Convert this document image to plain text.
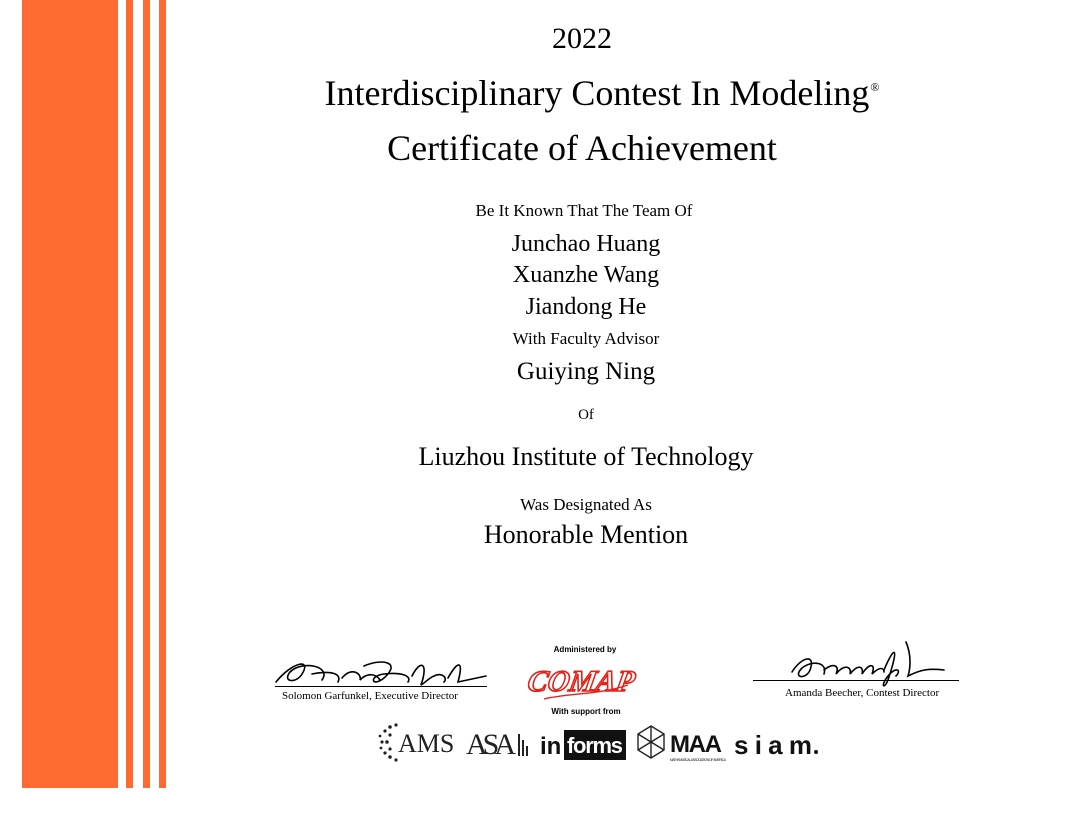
2022
Interdisciplinary Contest In Modeling®
Certificate of Achievement
Be It Known That The Team Of
Junchao Huang
Xuanzhe Wang
Jiandong He
With Faculty Advisor
Guiying Ning
Of
Liuzhou Institute of Technology
Was Designated As
Honorable Mention
Solomon Garfunkel, Executive Director	Amanda Beecher, Contest Director
Administered by
COMAP
With support from
AMS ASA in forms MAA
MATHEMATICAL ASSOCIATION OF AMERICA siam
